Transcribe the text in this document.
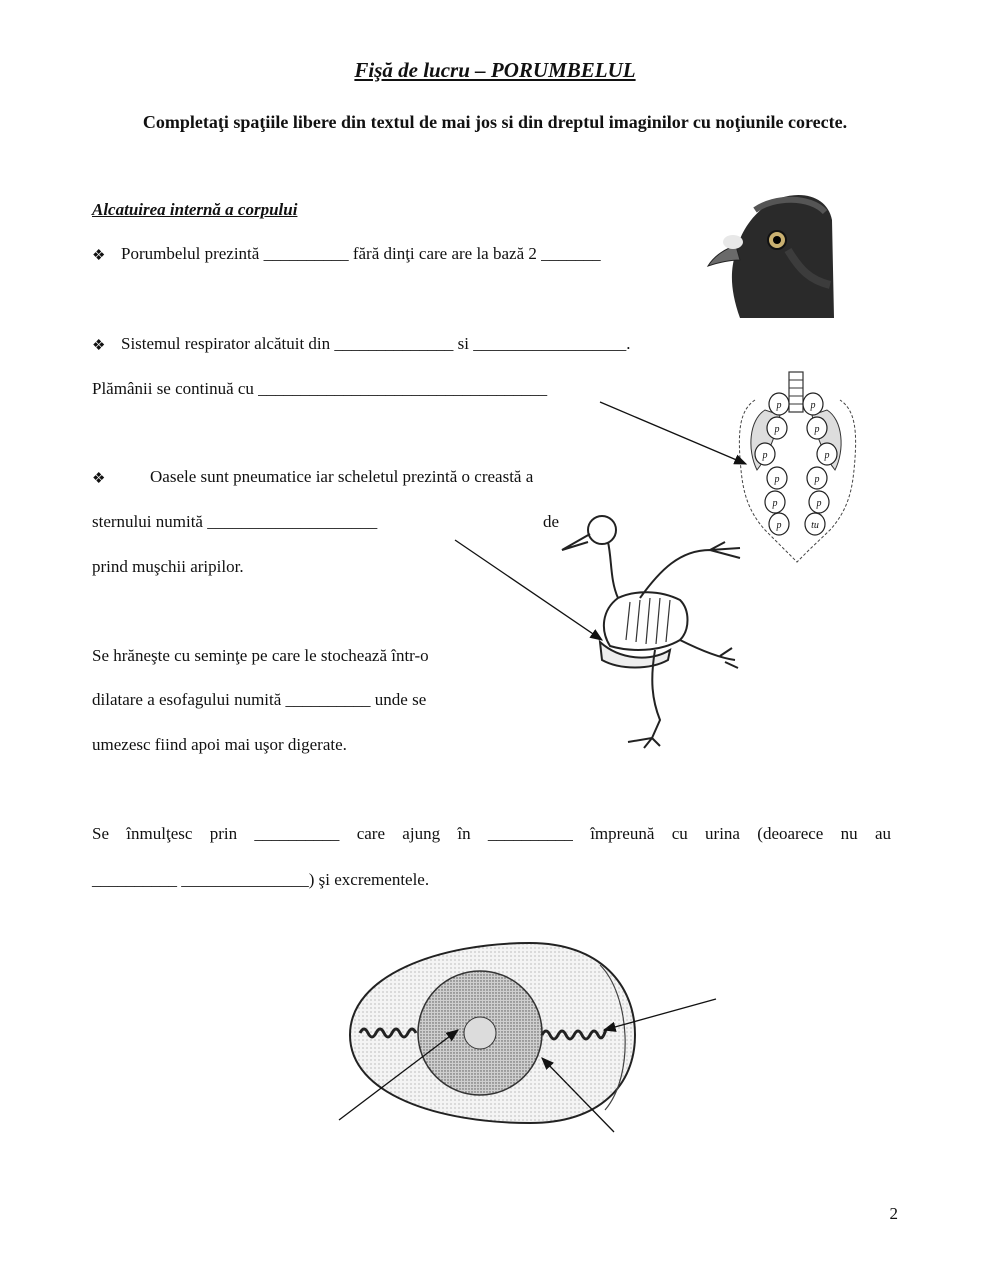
Fişă de lucru – PORUMBELUL
Completaţi spaţiile libere din textul de mai jos si din dreptul imaginilor cu noţiunile corecte.
Alcatuirea internă a corpului
❖ Porumbelul prezintă __________ fără dinţi care are la bază 2 _______
❖ Sistemul respirator alcătuit din ______________ si __________________.
Plămânii se continuă cu __________________________________
❖	Oasele sunt pneumatice iar scheletul prezintă o creastă a
sternului numită ____________________	de
prind muşchii aripilor.
Se hrăneşte cu seminţe pe care le stochează într-o
dilatare a esofagului numită __________ unde se
umezesc fiind apoi mai uşor digerate.
Se înmulţesc prin __________ care ajung în __________ împreună cu urina (deoarece nu au
__________ _______________) şi excrementele.
2
p	p
p	p
p	p
p	p
p	p
p	tu
